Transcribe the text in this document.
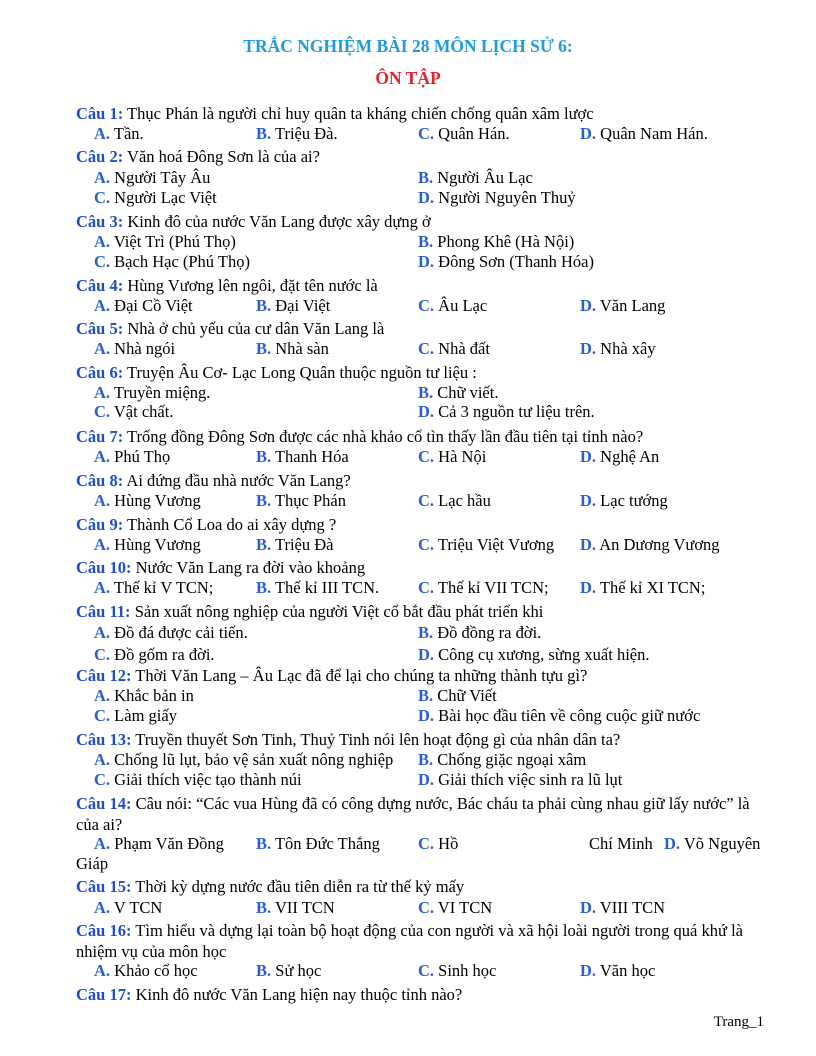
TRẮC NGHIỆM BÀI 28 MÔN LỊCH SỬ 6:
ÔN TẬP
Câu 1: Thục Phán là người chỉ huy quân ta kháng chiến chống quân xâm lược
A. Tần.	B. Triệu Đà.	C. Quân Hán.	D. Quân Nam Hán.
Câu 2: Văn hoá Đông Sơn là của ai?
A. Người Tây Âu	B. Người Âu Lạc
C. Người Lạc Việt	D. Người Nguyên Thuỷ
Câu 3: Kinh đô của nước Văn Lang được xây dựng ở
A. Việt Trì (Phú Thọ)	B. Phong Khê (Hà Nội)
C. Bạch Hạc (Phú Thọ)	D. Đông Sơn (Thanh Hóa)
Câu 4: Hùng Vương lên ngôi, đặt tên nước là
A. Đại Cồ Việt	B. Đại Việt	C. Âu Lạc	D. Văn Lang
Câu 5: Nhà ở chủ yếu của cư dân Văn Lang là
A. Nhà ngói	B. Nhà sàn	C. Nhà đất	D. Nhà xây
Câu 6: Truyện Âu Cơ- Lạc Long Quân thuộc nguồn tư liệu :
A. Truyền miệng.	B. Chữ viết.
C. Vật chất.	D. Cả 3 nguồn tư liệu trên.
Câu 7: Trống đồng Đông Sơn được các nhà khảo cổ tìn thấy lần đầu tiên tại tỉnh nào?
A. Phú Thọ	B. Thanh Hóa	C. Hà Nội	D. Nghệ An
Câu 8: Ai đứng đầu nhà nước Văn Lang?
A. Hùng Vương	B. Thục Phán	C. Lạc hầu	D. Lạc tướng
Câu 9: Thành Cổ Loa do ai xây dựng ?
A. Hùng Vương	B. Triệu Đà	C. Triệu Việt Vương D. An Dương Vương
Câu 10: Nước Văn Lang ra đời vào khoảng
A. Thế kỉ V TCN;	B. Thế kỉ III TCN. C. Thế kỉ VII TCN; D. Thế kỉ XI TCN;
Câu 11: Sản xuất nông nghiệp của người Việt cổ bắt đầu phát triển khi
A. Đồ đá được cải tiến.	B. Đồ đồng ra đời.
C. Đồ gốm ra đời.	D. Công cụ xương, sừng xuất hiện.
Câu 12: Thời Văn Lang – Âu Lạc đã để lại cho chúng ta những thành tựu gì?
A. Khắc bản in	B. Chữ Viết
C. Làm giấy	D. Bài học đầu tiên về công cuộc giữ nước
Câu 13: Truyền thuyết Sơn Tinh, Thuỷ Tinh nói lên hoạt động gì của nhân dân ta?
A. Chống lũ lụt, bảo vệ sản xuất nông nghiệp B. Chống giặc ngoại xâm
C. Giải thích việc tạo thành núi	D. Giải thích việc sinh ra lũ lụt
Câu 14: Câu nói: “Các vua Hùng đã có công dựng nước, Bác cháu ta phải cùng nhau giữ lấy nước” là của ai?
A. Phạm Văn Đồng B. Tôn Đức Thắng C. Hồ	Chí Minh D. Võ Nguyên
Giáp
Câu 15: Thời kỳ dựng nước đầu tiên diễn ra từ thế kỷ mấy
A. V TCN	B. VII TCN	C. VI TCN	D. VIII TCN
Câu 16: Tìm hiểu và dựng lại toàn bộ hoạt động của con người và xã hội loài người trong quá khứ là nhiệm vụ của môn học
A. Khảo cổ học	B. Sử học	C. Sinh học	D. Văn học
Câu 17: Kinh đô nước Văn Lang hiện nay thuộc tỉnh nào?
Trang_1
